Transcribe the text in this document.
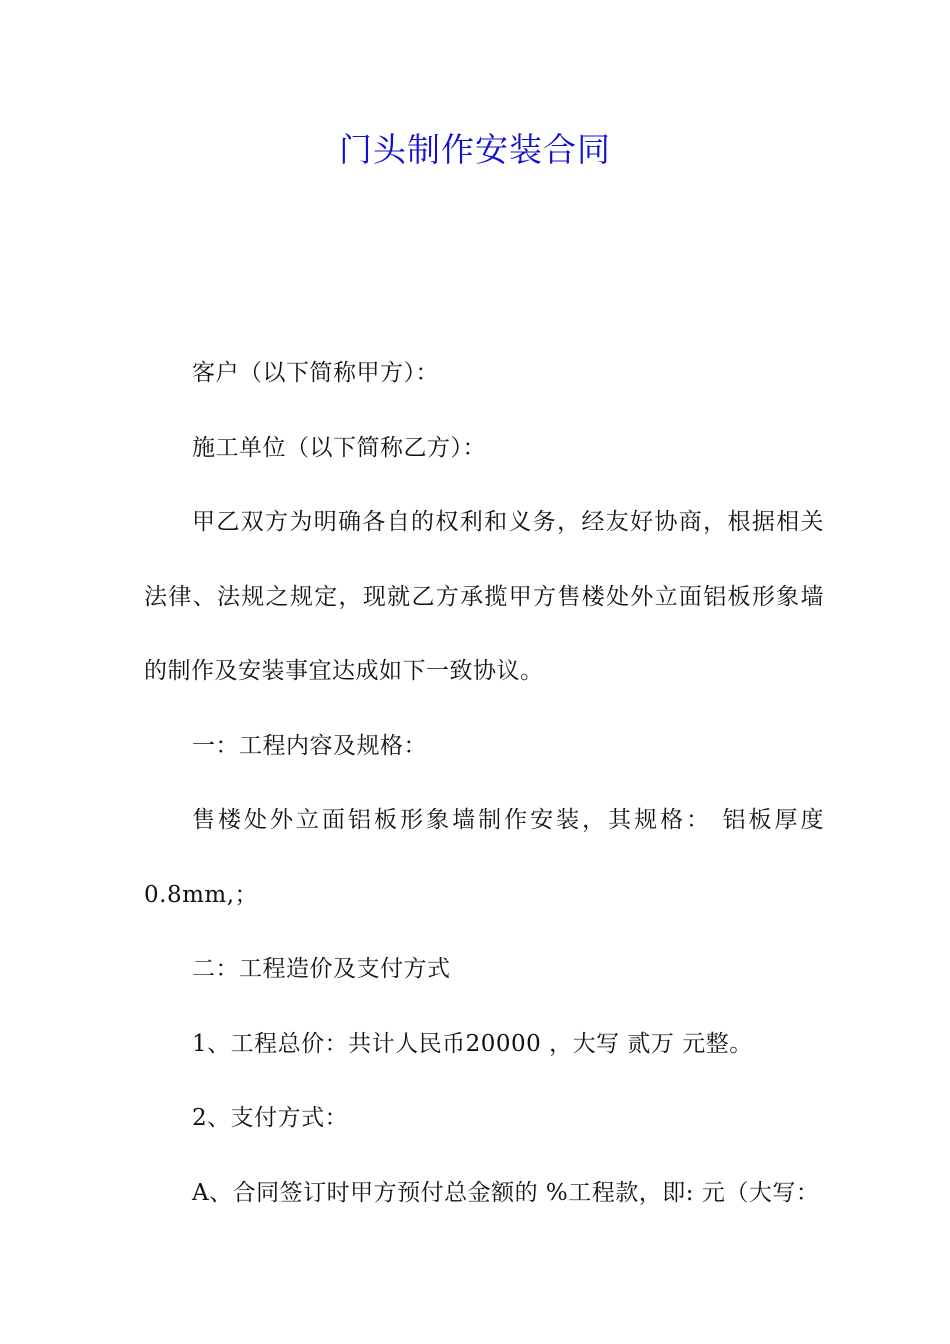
门头制作安装合同

客户（以下简称甲方）：

施工单位（以下简称乙方）：

甲乙双方为明确各自的权利和义务，经友好协商，根据相关法律、法规之规定，现就乙方承揽甲方售楼处外立面铝板形象墙的制作及安装事宜达成如下一致协议。

一：工程内容及规格：

售楼处外立面铝板形象墙制作安装，其规格： 铝板厚度0.8mm,；

二：工程造价及支付方式

1、工程总价：共计人民币20000 ，大写 贰万 元整。

2、支付方式：

A、合同签订时甲方预付总金额的 %工程款，即: 元（大写：
